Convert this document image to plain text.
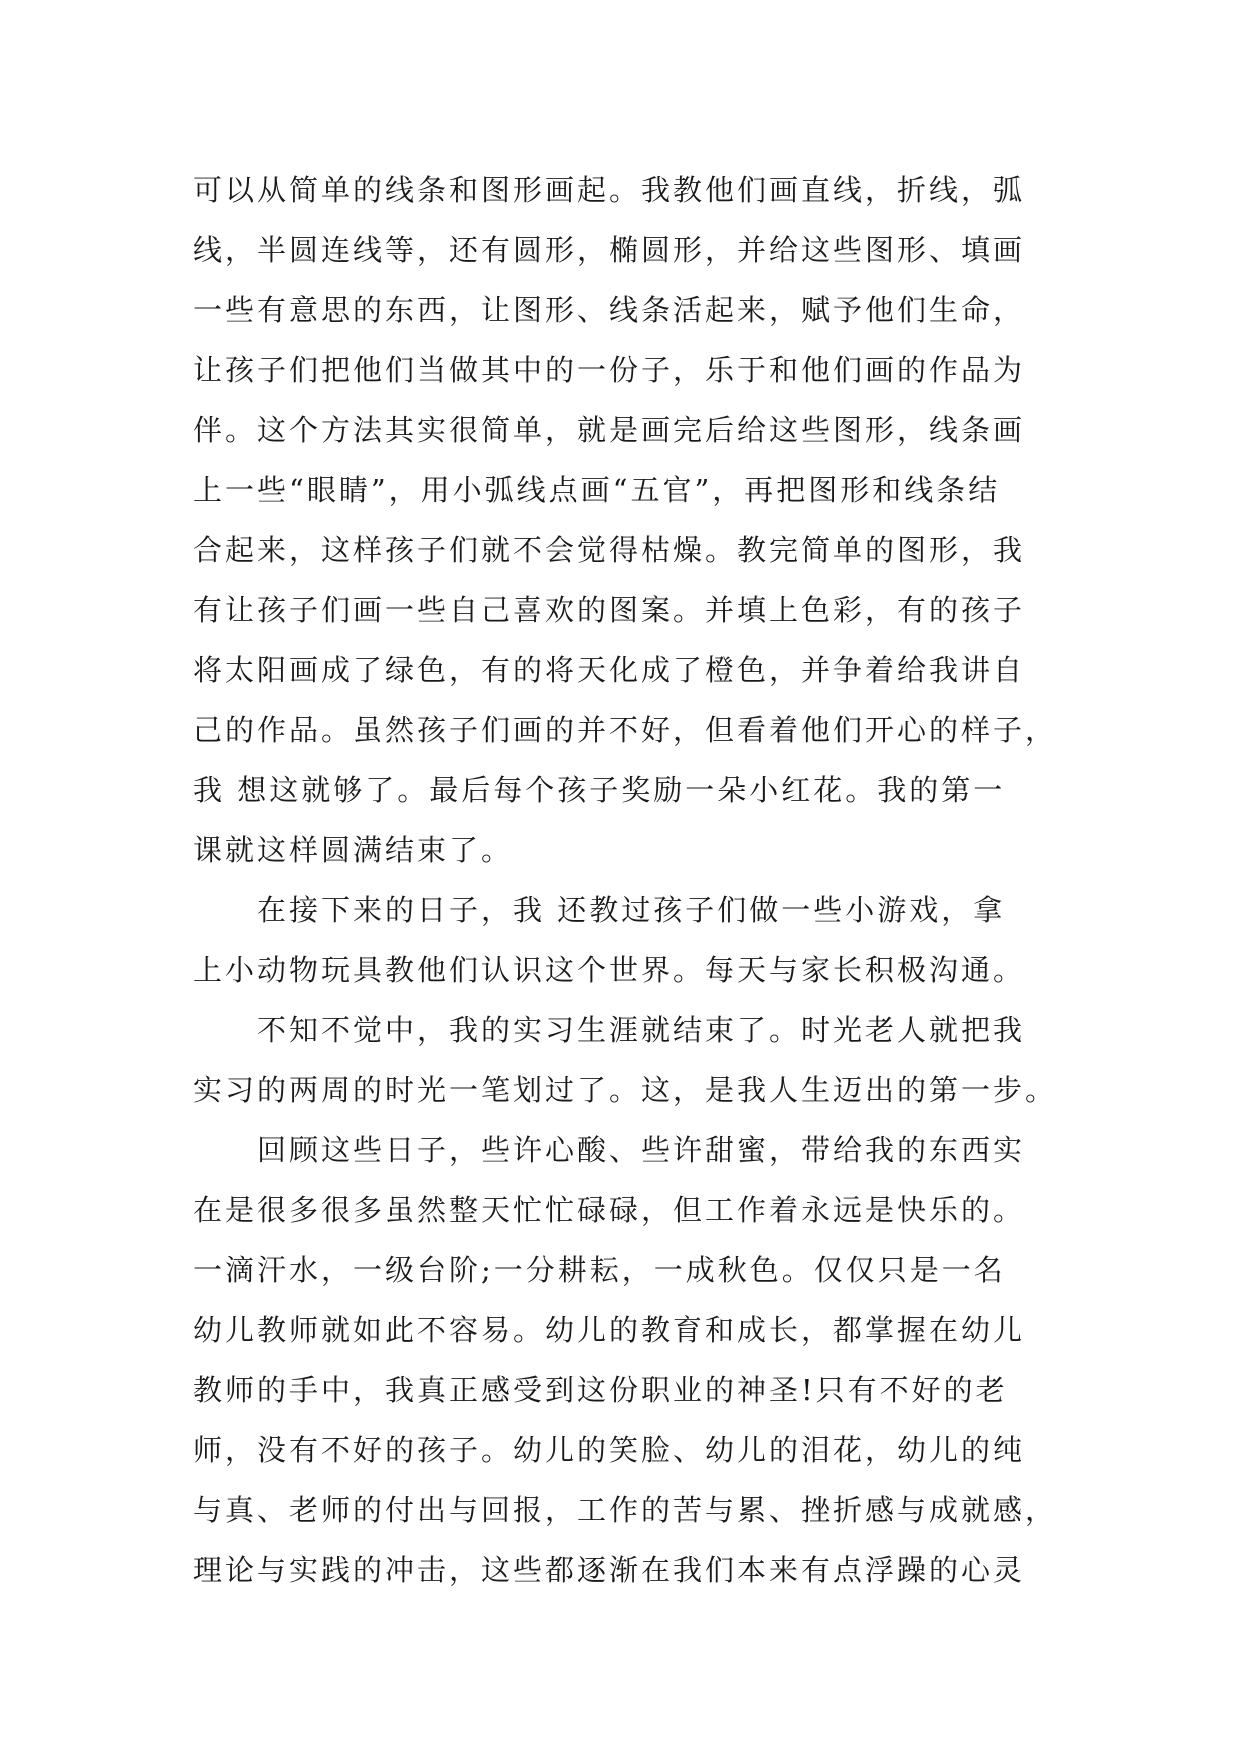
可以从简单的线条和图形画起。我教他们画直线，折线，弧
线，半圆连线等，还有圆形，椭圆形，并给这些图形、填画
一些有意思的东西，让图形、线条活起来，赋予他们生命，
让孩子们把他们当做其中的一份子，乐于和他们画的作品为
伴。这个方法其实很简单，就是画完后给这些图形，线条画
上一些“眼睛”，用小弧线点画“五官”，再把图形和线条结
合起来，这样孩子们就不会觉得枯燥。教完简单的图形，我
有让孩子们画一些自己喜欢的图案。并填上色彩，有的孩子
将太阳画成了绿色，有的将天化成了橙色，并争着给我讲自
己的作品。虽然孩子们画的并不好，但看着他们开心的样子，
我 想这就够了。最后每个孩子奖励一朵小红花。我的第一
课就这样圆满结束了。
　　在接下来的日子，我 还教过孩子们做一些小游戏，拿
上小动物玩具教他们认识这个世界。每天与家长积极沟通。
　　不知不觉中，我的实习生涯就结束了。时光老人就把我
实习的两周的时光一笔划过了。这，是我人生迈出的第一步。
　　回顾这些日子，些许心酸、些许甜蜜，带给我的东西实
在是很多很多虽然整天忙忙碌碌，但工作着永远是快乐的。
一滴汗水，一级台阶;一分耕耘，一成秋色。仅仅只是一名
幼儿教师就如此不容易。幼儿的教育和成长，都掌握在幼儿
教师的手中，我真正感受到这份职业的神圣!只有不好的老
师，没有不好的孩子。幼儿的笑脸、幼儿的泪花，幼儿的纯
与真、老师的付出与回报，工作的苦与累、挫折感与成就感，
理论与实践的冲击，这些都逐渐在我们本来有点浮躁的心灵
